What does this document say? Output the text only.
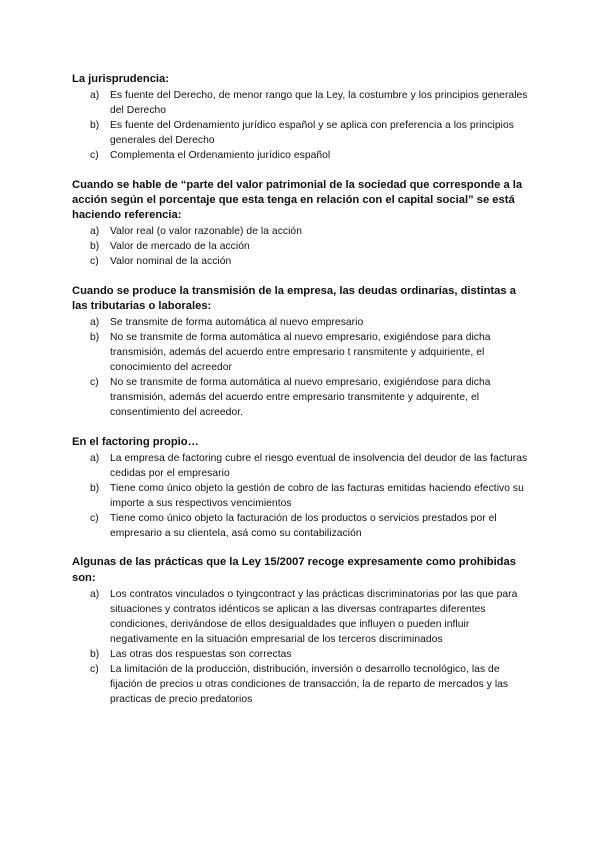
La jurisprudencia:
a)	Es fuente del Derecho, de menor rango que la Ley, la costumbre y los principios generales del Derecho
b)	Es fuente del Ordenamiento jurídico español y se aplica con preferencia a los principios generales del Derecho
c)	Complementa el Ordenamiento jurídico español
Cuando se hable de “parte del valor patrimonial de la sociedad que corresponde a la acción según el porcentaje que esta tenga en relación con el capital social” se está haciendo referencia:
a)	Valor real (o valor razonable) de la acción
b)	Valor de mercado de la acción
c)	Valor nominal de la acción
Cuando se produce la transmisión de la empresa, las deudas ordinarias, distintas a las tributarias o laborales:
a)	Se transmite de forma automática al nuevo empresario
b)	No se transmite de forma automática al nuevo empresario, exigiéndose para dicha transmisión, además del acuerdo entre empresario t ransmitente y adquiriente, el conocimiento del acreedor
c)	No se transmite de forma automática al nuevo empresario, exigiéndose para dicha transmisión, además del acuerdo entre empresario transmitente y adquirente, el consentimiento del acreedor.
En el factoring propio…
a)	La empresa de factoring cubre el riesgo eventual de insolvencia del deudor de las facturas cedidas por el empresario
b)	Tiene como único objeto la gestión de cobro de las facturas emitidas haciendo efectivo su importe a sus respectivos vencimientos
c)	Tiene como único objeto la facturación de los productos o servicios prestados por el empresario a su clientela, asá como su contabilización
Algunas de las prácticas que la Ley 15/2007 recoge expresamente como prohibidas son:
a)	Los contratos vinculados o tyingcontract y las prácticas discriminatorias por las que para situaciones y contratos idénticos se aplican a las diversas contrapartes diferentes condiciones, derivándose de ellos desigualdades que influyen o pueden influir negativamente en la situación empresarial de los terceros discriminados
b)	Las otras dos respuestas son correctas
c)	La limitación de la producción, distribución, inversión o desarrollo tecnológico, las de fijación de precios u otras condiciones de transacción, la de reparto de mercados y las practicas de precio predatorios
